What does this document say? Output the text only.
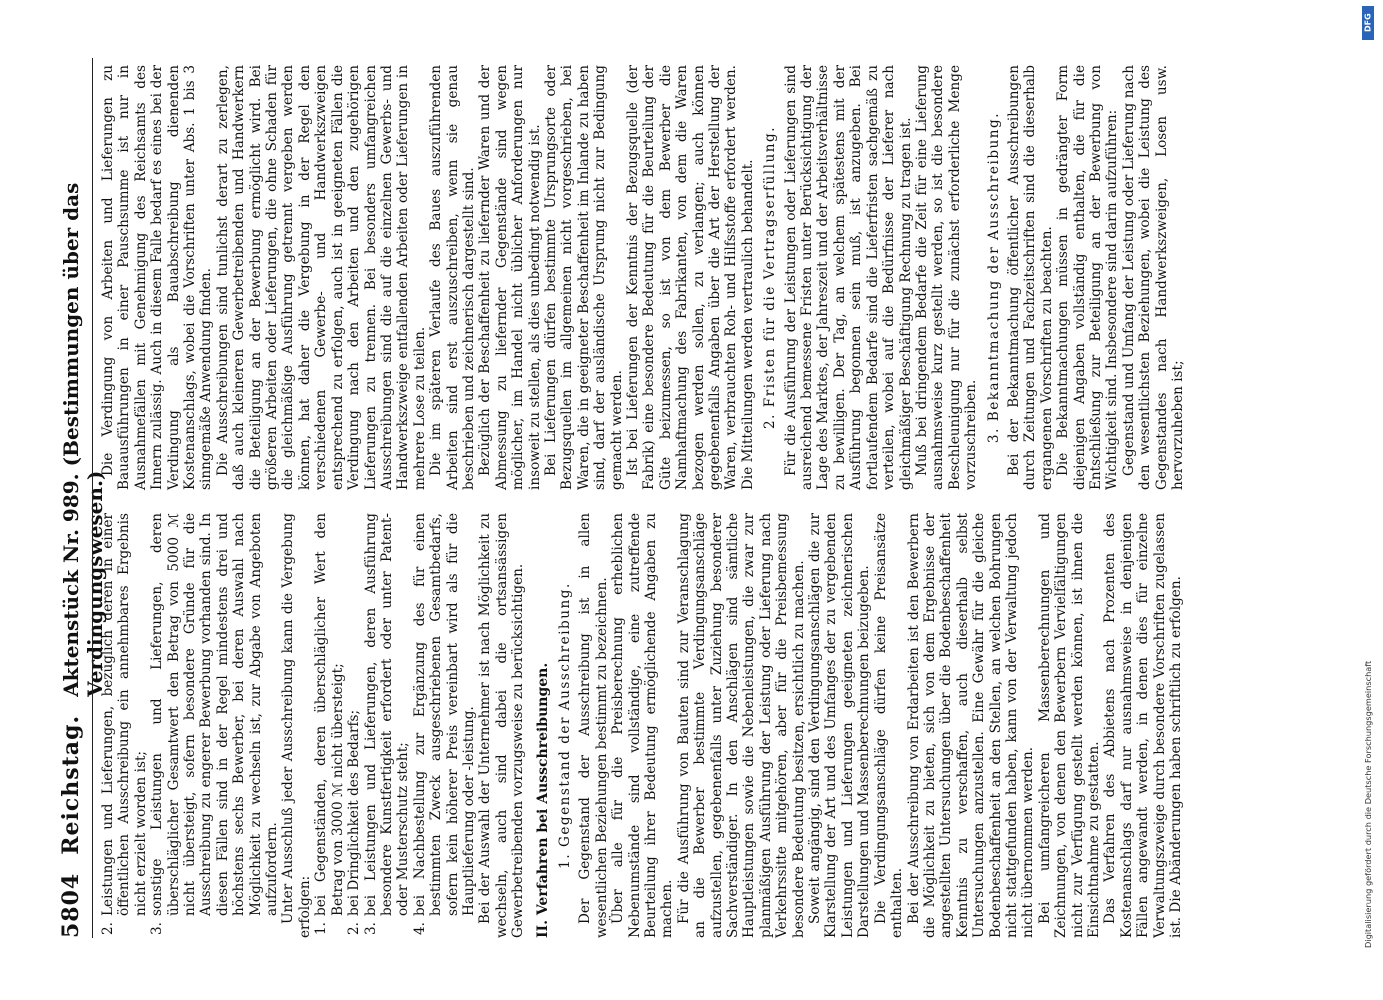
5804
Reichstag.
Aktenstück Nr. 989. (Bestimmungen über das Verdingungswesen.)
2.
Leistungen und Lieferungen, bezüglich deren in einer öffentlichen Ausschreibung ein annehmbares Ergebnis nicht erzielt worden ist;
3.
sonstige Leistungen und Lieferungen, deren überschläglicher Gesamtwert den Betrag von 5000 ℳ nicht übersteigt, sofern besondere Gründe für die Ausschreibung zu engerer Bewerbung vorhanden sind. In diesen Fällen sind in der Regel mindestens drei und höchstens sechs Bewerber, bei deren Auswahl nach Möglichkeit zu wechseln ist, zur Abgabe von Angeboten aufzufordern. Unter Ausschluß jeder Ausschreibung kann die Vergebung erfolgen: 1.
bei Gegenständen, deren überschläglicher Wert den Betrag von 3000 ℳ nicht übersteigt;
2.
bei Dringlichkeit des Bedarfs;
3.
bei Leistungen und Lieferungen, deren Ausführung besondere Kunstfertigkeit erfordert oder unter Patent- oder Musterschutz steht;
4.
bei Nachbestellung zur Ergänzung des für einen bestimmten Zweck ausgeschriebenen Gesamtbedarfs, sofern kein höherer Preis vereinbart wird als für die Hauptlieferung oder -leistung. Bei der Auswahl der Unternehmer ist nach Möglichkeit zu wechseln, auch sind dabei die ortsansässigen Gewerbetreibenden vorzugsweise zu berücksichtigen. II. Verfahren bei Ausschreibungen. 1. Gegenstand der Ausschreibung. Der Gegenstand der Ausschreibung ist in allen wesentlichen Beziehungen bestimmt zu bezeichnen. Über alle für die Preisberechnung erheblichen Nebenumstände sind vollständige, eine zutreffende Beurteilung ihrer Bedeutung ermöglichende Angaben zu machen. Für die Ausführung von Bauten sind zur Veranschlagung an die Bewerber bestimmte Verdingungsanschläge aufzustellen, gegebenenfalls unter Zuziehung besonderer Sachverständiger. In den Anschlägen sind sämtliche Hauptleistungen sowie die Nebenleistungen, die zwar zur planmäßigen Ausführung der Leistung oder Lieferung nach Verkehrssitte mitgehören, aber für die Preisbemessung besondere Bedeutung besitzen, ersichtlich zu machen. Soweit angängig, sind den Verdingungsanschlägen die zur Klarstellung der Art und des Umfanges der zu vergebenden Leistungen und Lieferungen geeigneten zeichnerischen Darstellungen und Massenberechnungen beizugeben. Die Verdingungsanschläge dürfen keine Preisansätze enthalten. Bei der Ausschreibung von Erdarbeiten ist den Bewerbern die Möglichkeit zu bieten, sich von dem Ergebnisse der angestellten Untersuchungen über die Bodenbeschaffenheit Kenntnis zu verschaffen, auch dieserhalb selbst Untersuchungen anzustellen. Eine Gewähr für die gleiche Bodenbeschaffenheit an den Stellen, an welchen Bohrungen nicht stattgefunden haben, kann von der Verwaltung jedoch nicht übernommen werden. Bei umfangreicheren Massenberechnungen und Zeichnungen, von denen den Bewerbern Vervielfältigungen nicht zur Verfügung gestellt werden können, ist ihnen die Einsichtnahme zu gestatten. Das Verfahren des Abbietens nach Prozenten des Kostenanschlags darf nur ausnahmsweise in denjenigen Fällen angewandt werden, in denen dies für einzelne Verwaltungszweige durch besondere Vorschriften zugelassen ist. Die Abänderungen haben schriftlich zu erfolgen.

Die Verdingung von Arbeiten und Lieferungen zu Bauausführungen in einer Pauschsumme ist nur in Ausnahmefällen mit Genehmigung des Reichsamts des Innern zulässig. Auch in diesem Falle bedarf es eines bei der Verdingung als Bauabschreibung dienenden Kostenanschlags, wobei die Vorschriften unter Abs. 1 bis 3 sinngemäße Anwendung finden. Die Ausschreibungen sind tunlichst derart zu zerlegen, daß auch kleineren Gewerbetreibenden und Handwerkern die Beteiligung an der Bewerbung ermöglicht wird. Bei größeren Arbeiten oder Lieferungen, die ohne Schaden für die gleichmäßige Ausführung getrennt vergeben werden können, hat daher die Vergebung in der Regel den verschiedenen Gewerbe- und Handwerkszweigen entsprechend zu erfolgen, auch ist in geeigneten Fällen die Verdingung nach den Arbeiten und den zugehörigen Lieferungen zu trennen. Bei besonders umfangreichen Ausschreibungen sind die auf die einzelnen Gewerbs- und Handwerkszweige entfallenden Arbeiten oder Lieferungen in mehrere Lose zu teilen. Die im späteren Verlaufe des Baues auszuführenden Arbeiten sind erst auszuschreiben, wenn sie genau beschrieben und zeichnerisch dargestellt sind. Bezüglich der Beschaffenheit zu liefernder Waren und der Abmessung zu liefernder Gegenstände sind wegen möglicher, im Handel nicht üblicher Anforderungen nur insoweit zu stellen, als dies unbedingt notwendig ist. Bei Lieferungen dürfen bestimmte Ursprungsorte oder Bezugsquellen im allgemeinen nicht vorgeschrieben, bei Waren, die in geeigneter Beschaffenheit im Inlande zu haben sind, darf der ausländische Ursprung nicht zur Bedingung gemacht werden. Ist bei Lieferungen der Kenntnis der Bezugsquelle (der Fabrik) eine besondere Bedeutung für die Beurteilung der Güte beizumessen, so ist von dem Bewerber die Namhaftmachung des Fabrikanten, von dem die Waren bezogen werden sollen, zu verlangen; auch können gegebenenfalls Angaben über die Art der Herstellung der Waren, verbrauchten Roh- und Hilfsstoffe erfordert werden. Die Mitteilungen werden vertraulich behandelt. 2. Fristen für die Vertragserfüllung. Für die Ausführung der Leistungen oder Lieferungen sind ausreichend bemessene Fristen unter Berücksichtigung der Lage des Marktes, der Jahreszeit und der Arbeitsverhältnisse zu bewilligen. Der Tag, an welchem spätestens mit der Ausführung begonnen sein muß, ist anzugeben. Bei fortlaufendem Bedarfe sind die Lieferfristen sachgemäß zu verteilen, wobei auf die Bedürfnisse der Lieferer nach gleichmäßiger Beschäftigung Rechnung zu tragen ist. Muß bei dringendem Bedarfe die Zeit für eine Lieferung ausnahmsweise kurz gestellt werden, so ist die besondere Beschleunigung nur für die zunächst erforderliche Menge vorzuschreiben. 3. Bekanntmachung der Ausschreibung. Bei der Bekanntmachung öffentlicher Ausschreibungen durch Zeitungen und Fachzeitschriften sind die dieserhalb ergangenen Vorschriften zu beachten. Die Bekanntmachungen müssen in gedrängter Form diejenigen Angaben vollständig enthalten, die für die Entschließung zur Beteiligung an der Bewerbung von Wichtigkeit sind. Insbesondere sind darin aufzuführen: Gegenstand und Umfang der Leistung oder Lieferung nach den wesentlichsten Beziehungen, wobei die Leistung des Gegenstandes nach Handwerkszweigen, Losen usw. hervorzuheben ist;

DFG
Digitalisierung gefördert durch die Deutsche Forschungsgemeinschaft
